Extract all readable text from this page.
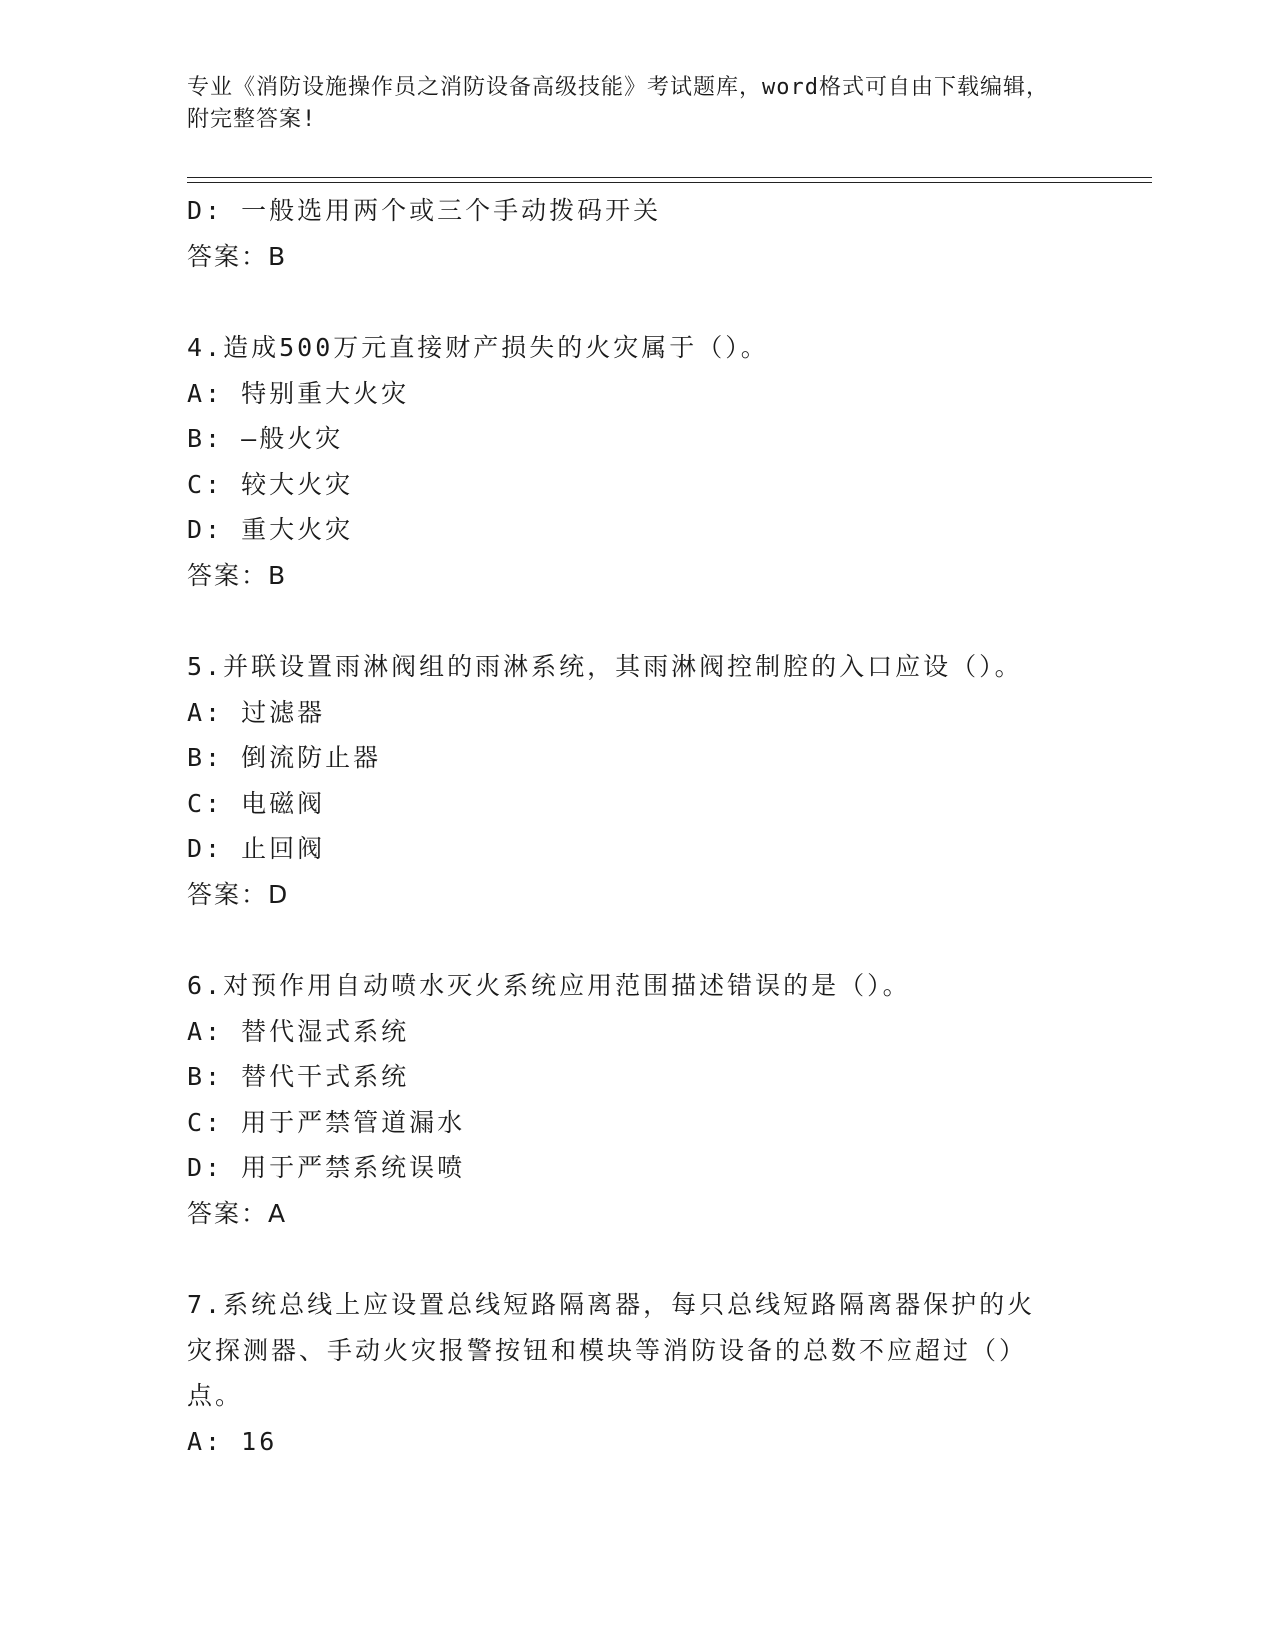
专业《消防设施操作员之消防设备高级技能》考试题库，word格式可自由下载编辑，附完整答案!
D: 一般选用两个或三个手动拨码开关
答案：B
4.造成500万元直接财产损失的火灾属于（）。
A: 特别重大火灾
B: —般火灾
C: 较大火灾
D: 重大火灾
答案：B
5.并联设置雨淋阀组的雨淋系统，其雨淋阀控制腔的入口应设（）。
A: 过滤器
B: 倒流防止器
C: 电磁阀
D: 止回阀
答案：D
6.对预作用自动喷水灭火系统应用范围描述错误的是（）。
A: 替代湿式系统
B: 替代干式系统
C: 用于严禁管道漏水
D: 用于严禁系统误喷
答案：A
7.系统总线上应设置总线短路隔离器，每只总线短路隔离器保护的火灾探测器、手动火灾报警按钮和模块等消防设备的总数不应超过（）点。
A: 16
